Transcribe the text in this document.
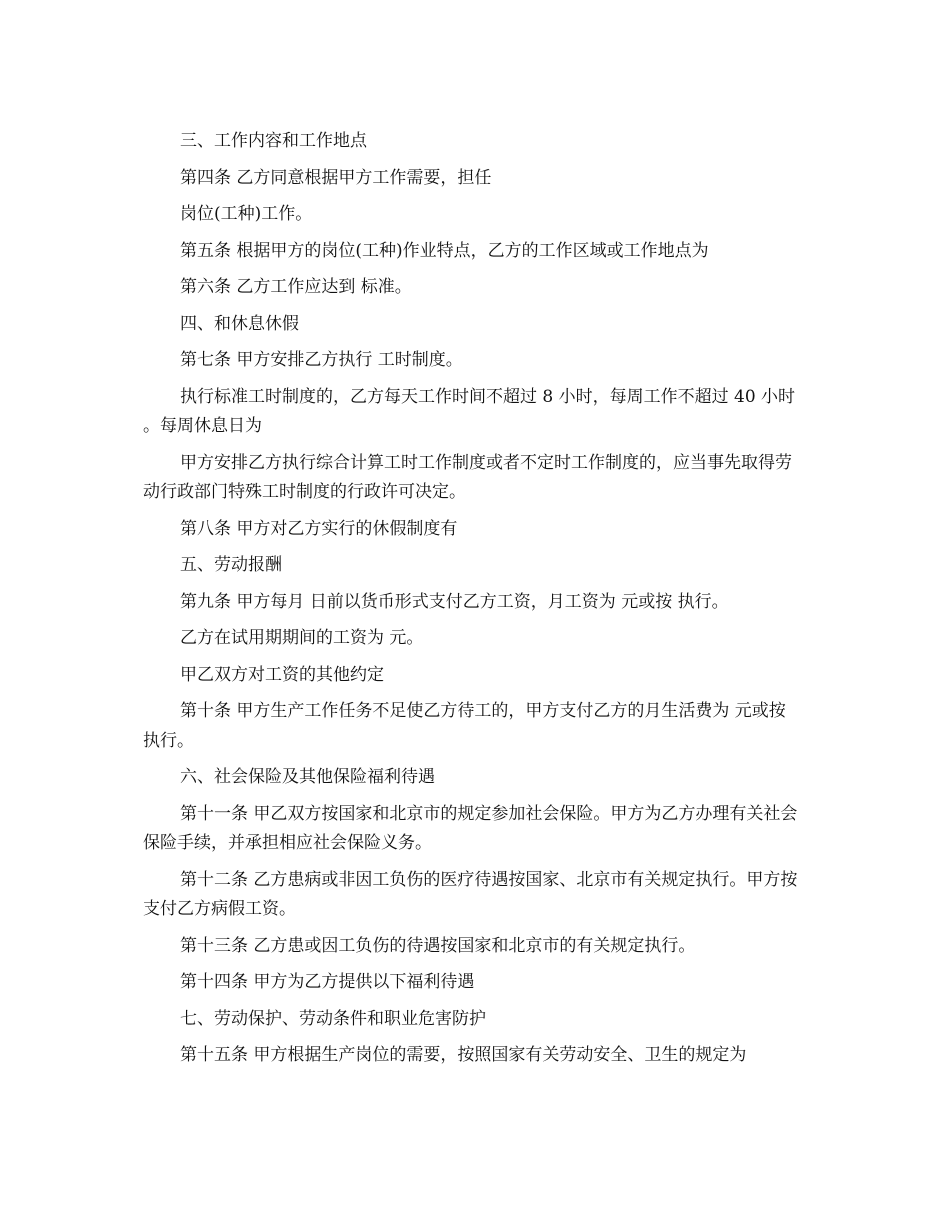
三、工作内容和工作地点

第四条 乙方同意根据甲方工作需要，担任

岗位(工种)工作。

第五条 根据甲方的岗位(工种)作业特点，乙方的工作区域或工作地点为

第六条 乙方工作应达到 标准。

四、和休息休假

第七条 甲方安排乙方执行 工时制度。

执行标准工时制度的，乙方每天工作时间不超过 8 小时，每周工作不超过 40 小时。每周休息日为

甲方安排乙方执行综合计算工时工作制度或者不定时工作制度的，应当事先取得劳动行政部门特殊工时制度的行政许可决定。

第八条 甲方对乙方实行的休假制度有

五、劳动报酬

第九条 甲方每月 日前以货币形式支付乙方工资，月工资为 元或按 执行。

乙方在试用期期间的工资为 元。

甲乙双方对工资的其他约定

第十条 甲方生产工作任务不足使乙方待工的，甲方支付乙方的月生活费为 元或按 执行。

六、社会保险及其他保险福利待遇

第十一条 甲乙双方按国家和北京市的规定参加社会保险。甲方为乙方办理有关社会保险手续，并承担相应社会保险义务。

第十二条 乙方患病或非因工负伤的医疗待遇按国家、北京市有关规定执行。甲方按 支付乙方病假工资。

第十三条 乙方患或因工负伤的待遇按国家和北京市的有关规定执行。

第十四条 甲方为乙方提供以下福利待遇

七、劳动保护、劳动条件和职业危害防护

第十五条 甲方根据生产岗位的需要，按照国家有关劳动安全、卫生的规定为
